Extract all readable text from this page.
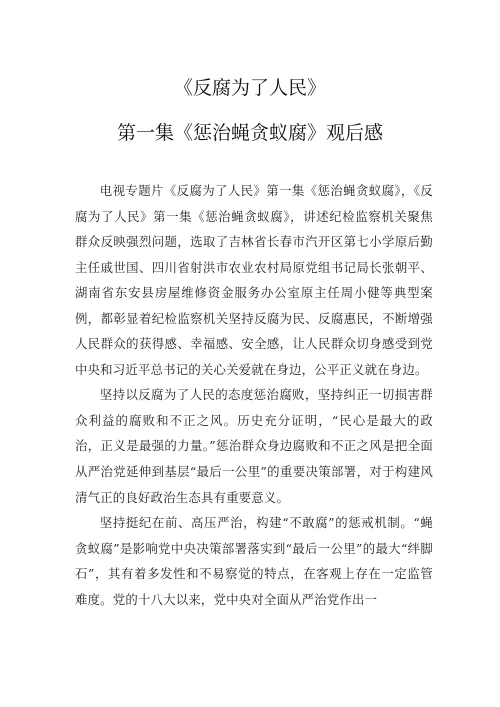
《反腐为了人民》
第一集《惩治蝇贪蚁腐》观后感

电视专题片《反腐为了人民》第一集《惩治蝇贪蚁腐》，《反腐为了人民》第一集《惩治蝇贪蚁腐》，讲述纪检监察机关聚焦群众反映强烈问题，选取了吉林省长春市汽开区第七小学原后勤主任戚世国、四川省射洪市农业农村局原党组书记局长张朝平、湖南省东安县房屋维修资金服务办公室原主任周小健等典型案例，都彰显着纪检监察机关坚持反腐为民、反腐惠民，不断增强人民群众的获得感、幸福感、安全感，让人民群众切身感受到党中央和习近平总书记的关心关爱就在身边，公平正义就在身边。

坚持以反腐为了人民的态度惩治腐败，坚持纠正一切损害群众利益的腐败和不正之风。历史充分证明，“民心是最大的政治，正义是最强的力量。”惩治群众身边腐败和不正之风是把全面从严治党延伸到基层“最后一公里”的重要决策部署，对于构建风清气正的良好政治生态具有重要意义。

坚持挺纪在前、高压严治，构建“不敢腐”的惩戒机制。“蝇贪蚁腐”是影响党中央决策部署落实到“最后一公里”的最大“绊脚石”，其有着多发性和不易察觉的特点，在客观上存在一定监管难度。党的十八大以来，党中央对全面从严治党作出一
